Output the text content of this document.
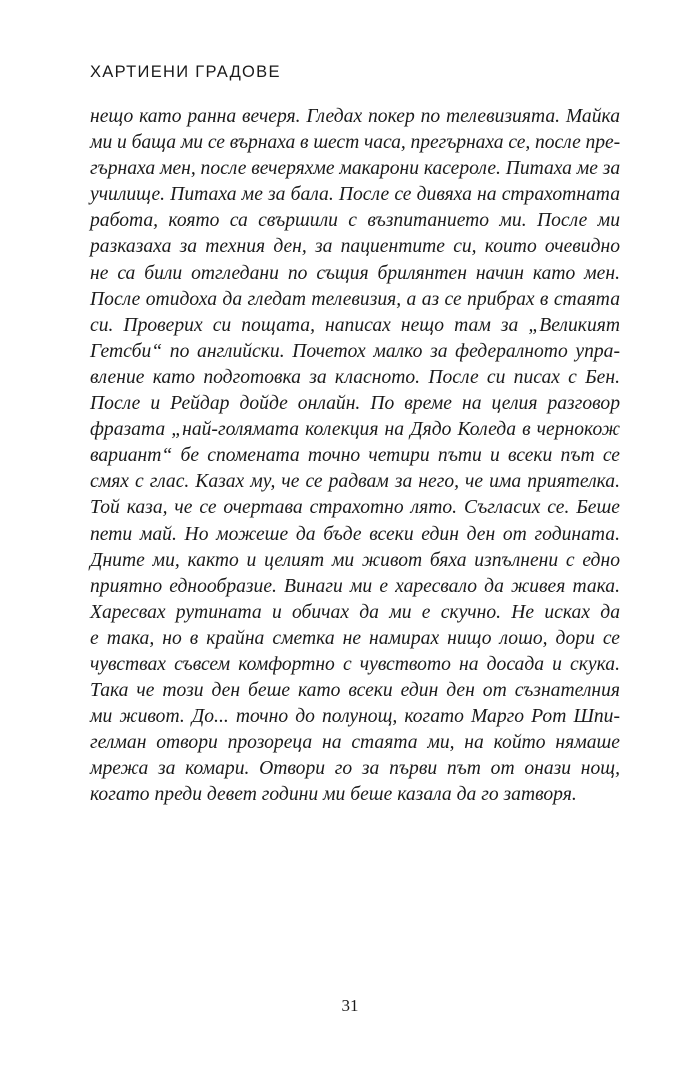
ХАРТИЕНИ ГРАДОВЕ
нещо като ранна вечеря. Гледах покер по телевизията. Майка
ми и баща ми се върнаха в шест часа, прегърнаха се, после пре-
гърнаха мен, после вечеряхме макарони касероле. Питаха ме за
училище. Питаха ме за бала. После се дивяха на страхотната
работа, която са свършили с възпитанието ми. После ми
разказаха за техния ден, за пациентите си, които очевидно
не са били отгледани по същия брилянтен начин като мен.
После отидоха да гледат телевизия, а аз се прибрах в стаята
си. Проверих си пощата, написах нещо там за „Великият
Гетсби“ по английски. Почетох малко за федералното упра-
вление като подготовка за класното. После си писах с Бен.
После и Рейдар дойде онлайн. По време на целия разговор
фразата „най-голямата колекция на Дядо Коледа в чернокож
вариант“ бе спомената точно четири пъти и всеки път се
смях с глас. Казах му, че се радвам за него, че има приятелка.
Той каза, че се очертава страхотно лято. Съгласих се. Беше
пети май. Но можеше да бъде всеки един ден от годината.
Дните ми, както и целият ми живот бяха изпълнени с едно
приятно еднообразие. Винаги ми е харесвало да живея така.
Харесвах рутината и обичах да ми е скучно. Не исках да
е така, но в крайна сметка не намирах нищо лошо, дори се
чувствах съвсем комфортно с чувството на досада и скука.
Така че този ден беше като всеки един ден от съзнателния
ми живот. До... точно до полунощ, когато Марго Рот Шпи-
гелман отвори прозореца на стаята ми, на който нямаше
мрежа за комари. Отвори го за първи път от онази нощ,
когато преди девет години ми беше казала да го затворя.
31
